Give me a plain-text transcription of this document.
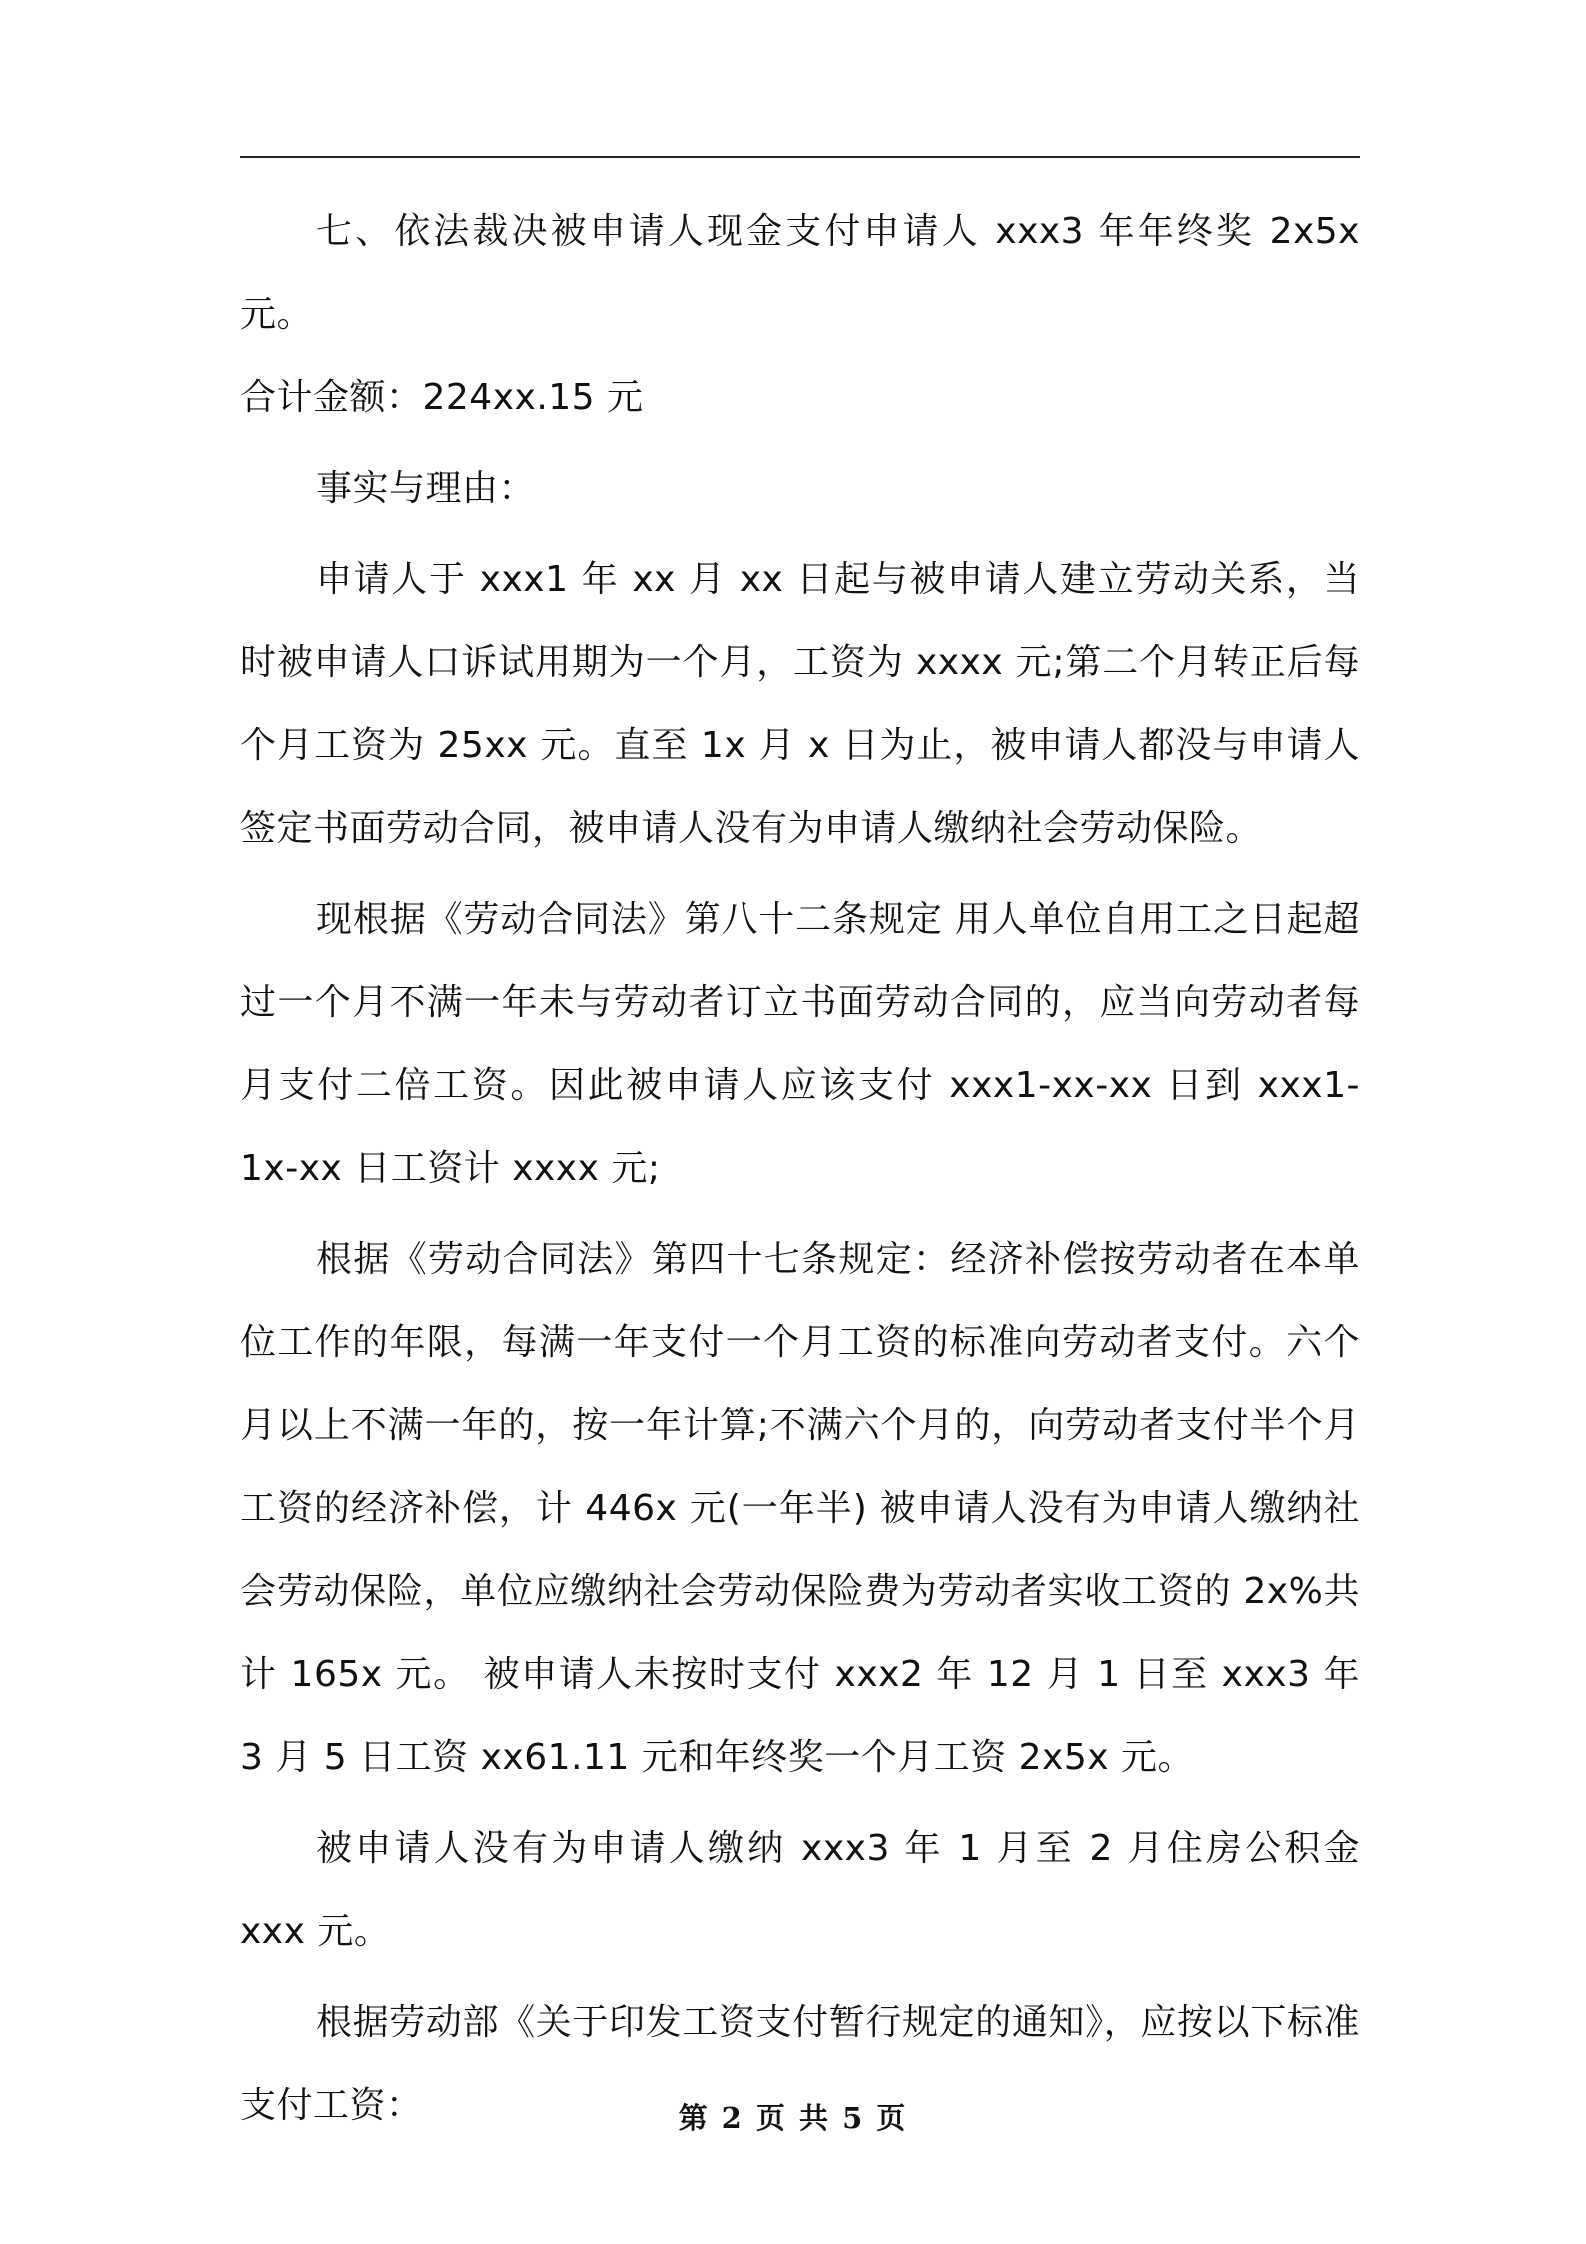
七、依法裁决被申请人现金支付申请人 xxx3 年年终奖 2x5x 元。

合计金额：224xx.15 元

事实与理由：

申请人于 xxx1 年 xx 月 xx 日起与被申请人建立劳动关系，当时被申请人口诉试用期为一个月，工资为 xxxx 元;第二个月转正后每个月工资为 25xx 元。直至 1x 月 x 日为止，被申请人都没与申请人签定书面劳动合同，被申请人没有为申请人缴纳社会劳动保险。

现根据《劳动合同法》第八十二条规定 用人单位自用工之日起超过一个月不满一年未与劳动者订立书面劳动合同的，应当向劳动者每月支付二倍工资。因此被申请人应该支付 xxx1-xx-xx 日到 xxx1-1x-xx 日工资计 xxxx 元;

根据《劳动合同法》第四十七条规定：经济补偿按劳动者在本单位工作的年限，每满一年支付一个月工资的标准向劳动者支付。六个月以上不满一年的，按一年计算;不满六个月的，向劳动者支付半个月工资的经济补偿，计 446x 元(一年半) 被申请人没有为申请人缴纳社会劳动保险，单位应缴纳社会劳动保险费为劳动者实收工资的 2x%共计 165x 元。 被申请人未按时支付 xxx2 年 12 月 1 日至 xxx3 年 3 月 5 日工资 xx61.11 元和年终奖一个月工资 2x5x 元。

被申请人没有为申请人缴纳 xxx3 年 1 月至 2 月住房公积金 xxx 元。

根据劳动部《关于印发工资支付暂行规定的通知》，应按以下标准支付工资：	第 2 页 共 5 页
